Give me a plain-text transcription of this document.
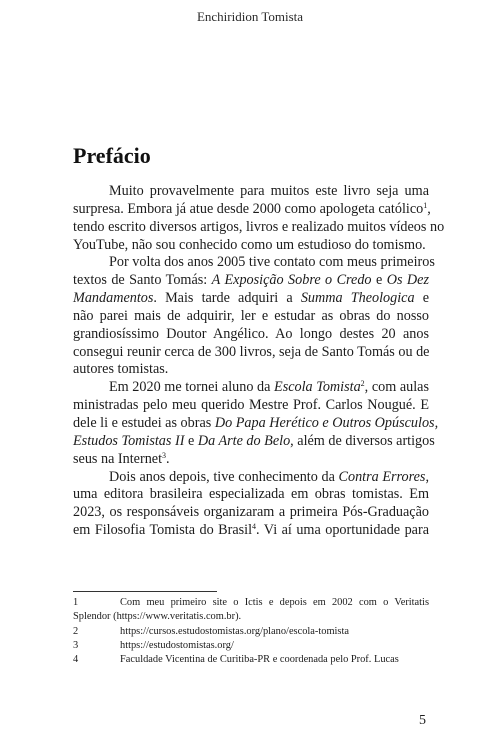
Enchiridion Tomista
Prefácio

Muito provavelmente para muitos este livro seja uma
surpresa. Embora já atue desde 2000 como apologeta católico$^1$,
tendo escrito diversos artigos, livros e realizado muitos vídeos no
YouTube, não sou conhecido como um estudioso do tomismo.

Por volta dos anos 2005 tive contato com meus primeiros
textos de Santo Tomás: A Exposição Sobre o Credo e Os Dez
Mandamentos. Mais tarde adquiri a Summa Theologica e
não parei mais de adquirir, ler e estudar as obras do nosso
grandiosíssimo Doutor Angélico. Ao longo destes 20 anos
consegui reunir cerca de 300 livros, seja de Santo Tomás ou de
autores tomistas.

Em 2020 me tornei aluno da Escola Tomista$^2$, com aulas
ministradas pelo meu querido Mestre Prof. Carlos Nougué. E
dele li e estudei as obras Do Papa Herético e Outros Opúsculos,
Estudos Tomistas II e Da Arte do Belo, além de diversos artigos
seus na Internet$^3$.

Dois anos depois, tive conhecimento da Contra Errores,
uma editora brasileira especializada em obras tomistas. Em
2023, os responsáveis organizaram a primeira Pós-Graduação
em Filosofia Tomista do Brasil$^4$. Vi aí uma oportunidade para

1	Com meu primeiro site o Ictis e depois em 2002 com o Veritatis
Splendor (https://www.veritatis.com.br).
2	https://cursos.estudostomistas.org/plano/escola-tomista
3	https://estudostomistas.org/
4	Faculdade Vicentina de Curitiba-PR e coordenada pelo Prof. Lucas
5
